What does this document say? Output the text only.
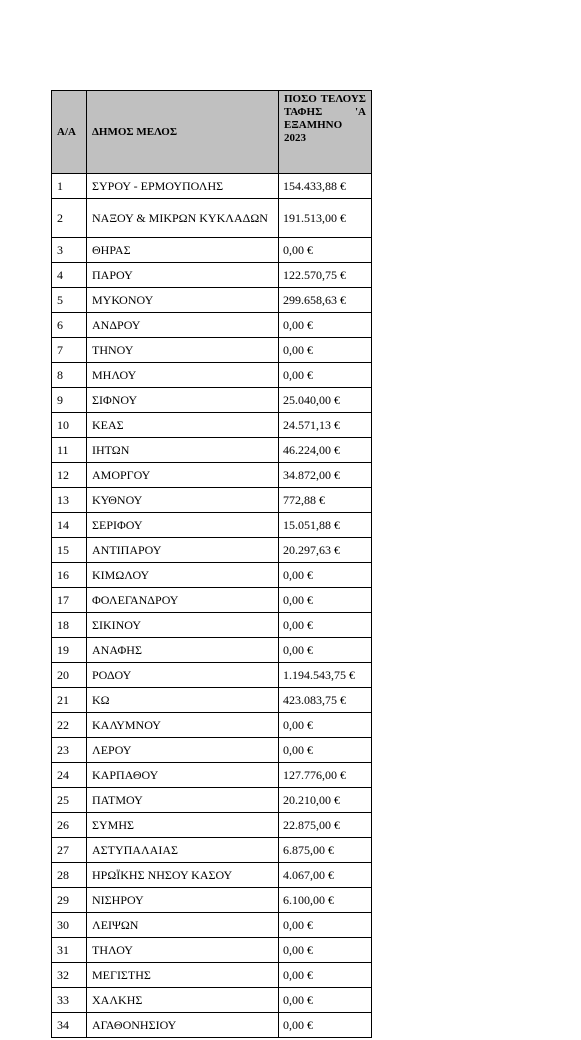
Α/Α	ΔΗΜΟΣ ΜΕΛΟΣ	ΠΟΣΟ ΤΕΛΟΥΣ ΤΑΦΗΣ 'Α ΕΞΑΜΗΝΟ 2023
1	ΣΥΡΟΥ - ΕΡΜΟΥΠΟΛΗΣ	154.433,88 €
2	ΝΑΞΟΥ & ΜΙΚΡΩΝ ΚΥΚΛΑΔΩΝ	191.513,00 €
3	ΘΗΡΑΣ	0,00 €
4	ΠΑΡΟΥ	122.570,75 €
5	ΜΥΚΟΝΟΥ	299.658,63 €
6	ΑΝΔΡΟΥ	0,00 €
7	ΤΗΝΟΥ	0,00 €
8	ΜΗΛΟΥ	0,00 €
9	ΣΙΦΝΟΥ	25.040,00 €
10	ΚΕΑΣ	24.571,13 €
11	ΙΗΤΩΝ	46.224,00 €
12	ΑΜΟΡΓΟΥ	34.872,00 €
13	ΚΥΘΝΟΥ	772,88 €
14	ΣΕΡΙΦΟΥ	15.051,88 €
15	ΑΝΤΙΠΑΡΟΥ	20.297,63 €
16	ΚΙΜΩΛΟΥ	0,00 €
17	ΦΟΛΕΓΑΝΔΡΟΥ	0,00 €
18	ΣΙΚΙΝΟΥ	0,00 €
19	ΑΝΑΦΗΣ	0,00 €
20	ΡΟΔΟΥ	1.194.543,75 €
21	ΚΩ	423.083,75 €
22	ΚΑΛΥΜΝΟΥ	0,00 €
23	ΛΕΡΟΥ	0,00 €
24	ΚΑΡΠΑΘΟΥ	127.776,00 €
25	ΠΑΤΜΟΥ	20.210,00 €
26	ΣΥΜΗΣ	22.875,00 €
27	ΑΣΤΥΠΑΛΑΙΑΣ	6.875,00 €
28	ΗΡΩΪΚΗΣ ΝΗΣΟΥ ΚΑΣΟΥ	4.067,00 €
29	ΝΙΣΗΡΟΥ	6.100,00 €
30	ΛΕΙΨΩΝ	0,00 €
31	ΤΗΛΟΥ	0,00 €
32	ΜΕΓΙΣΤΗΣ	0,00 €
33	ΧΑΛΚΗΣ	0,00 €
34	ΑΓΑΘΟΝΗΣΙΟΥ	0,00 €
